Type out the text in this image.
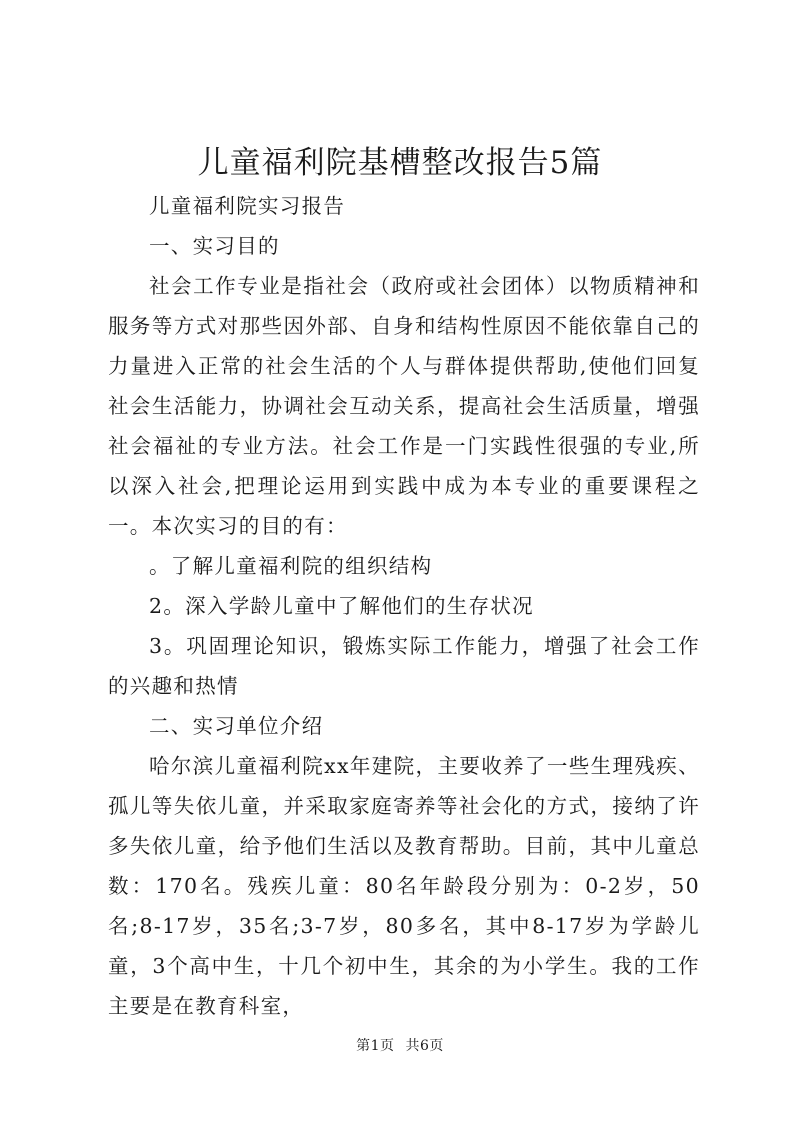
儿童福利院基槽整改报告5篇

儿童福利院实习报告

一、实习目的

社会工作专业是指社会（政府或社会团体）以物质精神和服务等方式对那些因外部、自身和结构性原因不能依靠自己的力量进入正常的社会生活的个人与群体提供帮助,使他们回复社会生活能力，协调社会互动关系，提高社会生活质量，增强社会福祉的专业方法。社会工作是一门实践性很强的专业,所以深入社会,把理论运用到实践中成为本专业的重要课程之一。本次实习的目的有：

。了解儿童福利院的组织结构

2。深入学龄儿童中了解他们的生存状况

3。巩固理论知识，锻炼实际工作能力，增强了社会工作的兴趣和热情

二、实习单位介绍

哈尔滨儿童福利院xx年建院，主要收养了一些生理残疾、孤儿等失依儿童，并采取家庭寄养等社会化的方式，接纳了许多失依儿童，给予他们生活以及教育帮助。目前，其中儿童总数：170名。残疾儿童：80名年龄段分别为：0-2岁，50名;8-17岁，35名;3-7岁，80多名，其中8-17岁为学龄儿童，3个高中生，十几个初中生，其余的为小学生。我的工作主要是在教育科室，

第1页 共6页
